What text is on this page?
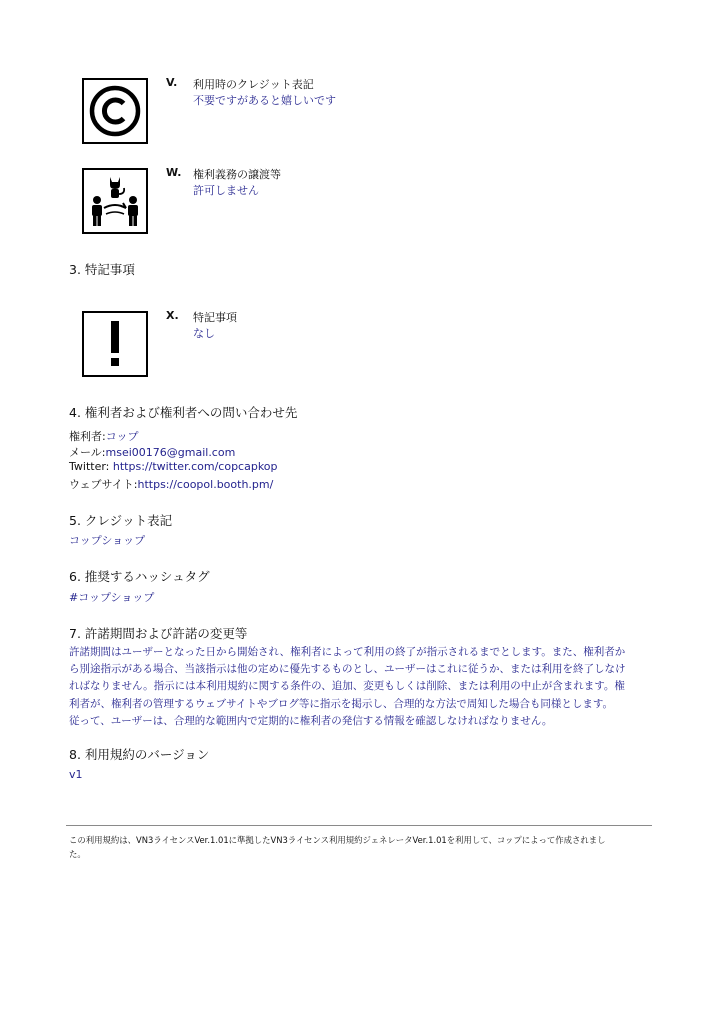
V. 利用時のクレジット表記
不要ですがあると嬉しいです
W. 権利義務の譲渡等
許可しません
3. 特記事項
X. 特記事項
なし
4. 権利者および権利者への問い合わせ先
権利者:コップ
メール:msei00176@gmail.com
Twitter: https://twitter.com/copcapkop
ウェブサイト:https://coopol.booth.pm/
5. クレジット表記
コップショップ
6. 推奨するハッシュタグ
#コップショップ
7. 許諾期間および許諾の変更等
許諾期間はユーザーとなった日から開始され、権利者によって利用の終了が指示されるまでとします。また、権利者か
ら別途指示がある場合、当該指示は他の定めに優先するものとし、ユーザーはこれに従うか、または利用を終了しなけ
ればなりません。指示には本利用規約に関する条件の、追加、変更もしくは削除、または利用の中止が含まれます。権
利者が、権利者の管理するウェブサイトやブログ等に指示を掲示し、合理的な方法で周知した場合も同様とします。
従って、ユーザーは、合理的な範囲内で定期的に権利者の発信する情報を確認しなければなりません。
8. 利用規約のバージョン
v1
この利用規約は、VN3ライセンスVer.1.01に準拠したVN3ライセンス利用規約ジェネレータVer.1.01を利用して、コップによって作成されまし
た。
